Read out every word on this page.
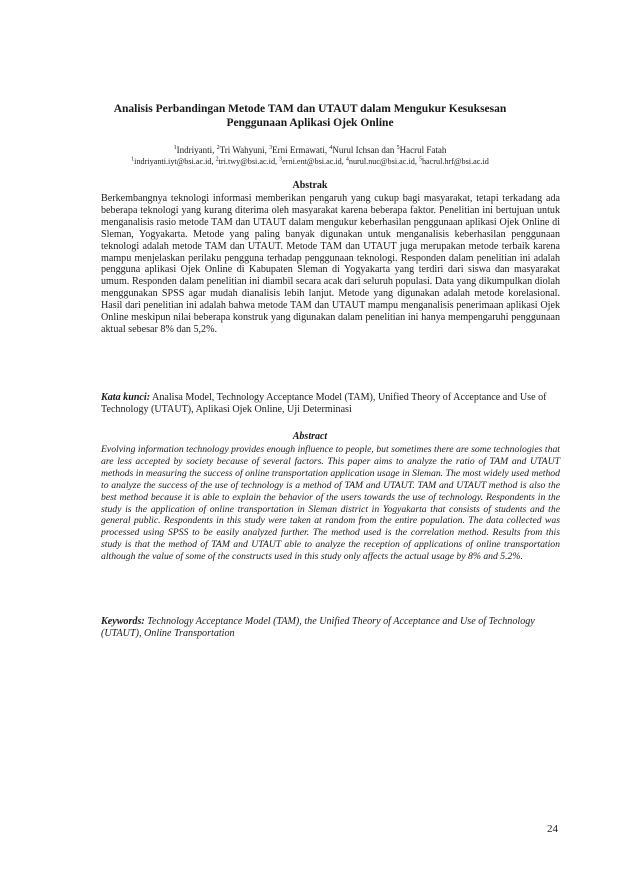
Analisis Perbandingan Metode TAM dan UTAUT dalam Mengukur Kesuksesan
Penggunaan Aplikasi Ojek Online
$^1$Indriyanti, $^2$Tri Wahyuni, $^3$Erni Ermawati, $^4$Nurul Ichsan dan $^5$Hacrul Fatah
$^1$indriyanti.iyt@bsi.ac.id, $^2$tri.twy@bsi.ac.id, $^3$erni.ent@bsi.ac.id, $^4$nurul.nuc@bsi.ac.id, $^5$hacrul.hrf@bsi.ac.id
Abstrak
Berkembangnya teknologi informasi memberikan pengaruh yang cukup bagi masyarakat, tetapi terkadang ada beberapa teknologi yang kurang diterima oleh masyarakat karena beberapa faktor. Penelitian ini bertujuan untuk menganalisis rasio metode TAM dan UTAUT dalam mengukur keberhasilan penggunaan aplikasi Ojek Online di Sleman, Yogyakarta. Metode yang paling banyak digunakan untuk menganalisis keberhasilan penggunaan teknologi adalah metode TAM dan UTAUT. Metode TAM dan UTAUT juga merupakan metode terbaik karena mampu menjelaskan perilaku pengguna terhadap penggunaan teknologi. Responden dalam penelitian ini adalah pengguna aplikasi Ojek Online di Kabupaten Sleman di Yogyakarta yang terdiri dari siswa dan masyarakat umum. Responden dalam penelitian ini diambil secara acak dari seluruh populasi. Data yang dikumpulkan diolah menggunakan SPSS agar mudah dianalisis lebih lanjut. Metode yang digunakan adalah metode korelasional. Hasil dari penelitian ini adalah bahwa metode TAM dan UTAUT mampu menganalisis penerimaan aplikasi Ojek Online meskipun nilai beberapa konstruk yang digunakan dalam penelitian ini hanya mempengaruhi penggunaan aktual sebesar 8% dan 5,2%.
Kata kunci: Analisa Model, Technology Acceptance Model (TAM), Unified Theory of Acceptance and Use of Technology (UTAUT), Aplikasi Ojek Online, Uji Determinasi
Abstract
Evolving information technology provides enough influence to people, but sometimes there are some technologies that are less accepted by society because of several factors. This paper aims to analyze the ratio of TAM and UTAUT methods in measuring the success of online transportation application usage in Sleman. The most widely used method to analyze the success of the use of technology is a method of TAM and UTAUT. TAM and UTAUT method is also the best method because it is able to explain the behavior of the users towards the use of technology. Respondents in the study is the application of online transportation in Sleman district in Yogyakarta that consists of students and the general public. Respondents in this study were taken at random from the entire population. The data collected was processed using SPSS to be easily analyzed further. The method used is the correlation method. Results from this study is that the method of TAM and UTAUT able to analyze the reception of applications of online transportation although the value of some of the constructs used in this study only affects the actual usage by 8% and 5.2%.
Keywords: Technology Acceptance Model (TAM), the Unified Theory of Acceptance and Use of Technology (UTAUT), Online Transportation
24
